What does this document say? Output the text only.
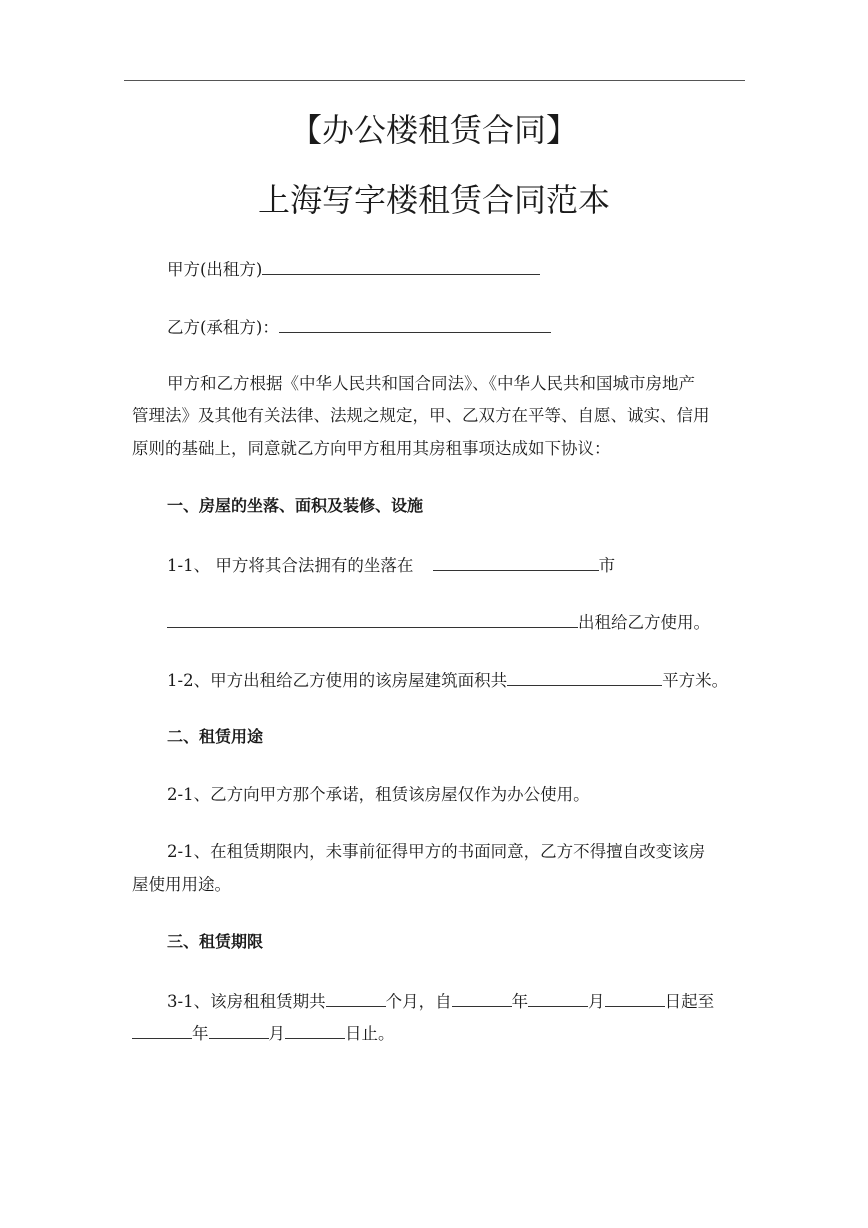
【办公楼租赁合同】
上海写字楼租赁合同范本
甲方(出租方)
乙方(承租方)：
甲方和乙方根据《中华人民共和国合同法》、《中华人民共和国城市房地产
管理法》及其他有关法律、法规之规定，甲、乙双方在平等、自愿、诚实、信用
原则的基础上，同意就乙方向甲方租用其房租事项达成如下协议：
一、房屋的坐落、面积及装修、设施
1-1、 甲方将其合法拥有的坐落在	市
出租给乙方使用。
1-2、甲方出租给乙方使用的该房屋建筑面积共	平方米。
二、租赁用途
2-1、乙方向甲方那个承诺，租赁该房屋仅作为办公使用。
2-1、在租赁期限内，未事前征得甲方的书面同意，乙方不得擅自改变该房
屋使用用途。
三、租赁期限
3-1、该房租租赁期共	个月，自	年	月	日起至
年	月	日止。
